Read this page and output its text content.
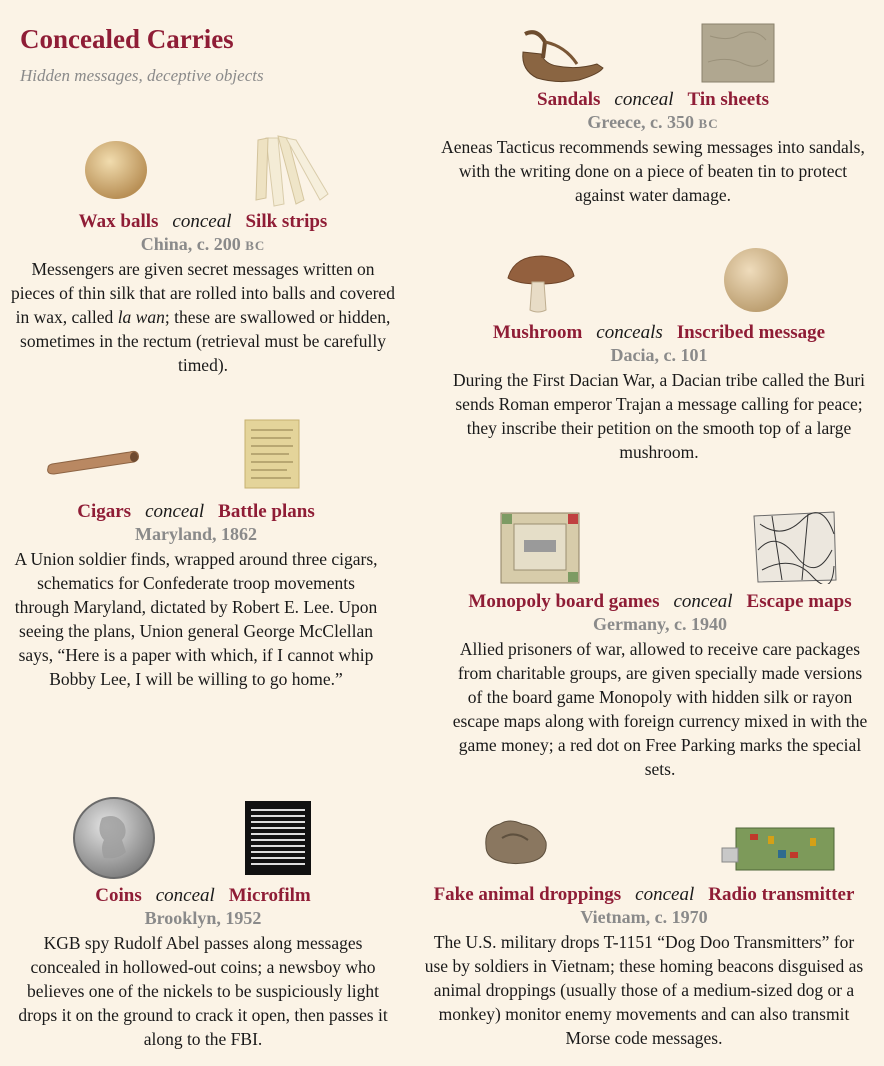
Concealed Carries
Hidden messages, deceptive objects
Wax balls conceal Silk strips
China, c. 200 BC
Messengers are given secret messages written on pieces of thin silk that are rolled into balls and covered in wax, called la wan; these are swallowed or hidden, sometimes in the rectum (retrieval must be carefully timed).
Cigars conceal Battle plans
Maryland, 1862
A Union soldier finds, wrapped around three cigars, schematics for Confederate troop movements through Maryland, dictated by Robert E. Lee. Upon seeing the plans, Union general George McClellan says, “Here is a paper with which, if I cannot whip Bobby Lee, I will be willing to go home.”
Coins conceal Microfilm
Brooklyn, 1952
KGB spy Rudolf Abel passes along messages concealed in hollowed-out coins; a newsboy who believes one of the nickels to be suspiciously light drops it on the ground to crack it open, then passes it along to the FBI.
Sandals conceal Tin sheets
Greece, c. 350 BC
Aeneas Tacticus recommends sewing messages into sandals, with the writing done on a piece of beaten tin to protect against water damage.
Mushroom conceals Inscribed message
Dacia, c. 101
During the First Dacian War, a Dacian tribe called the Buri sends Roman emperor Trajan a message calling for peace; they inscribe their petition on the smooth top of a large mushroom.
Monopoly board games conceal Escape maps
Germany, c. 1940
Allied prisoners of war, allowed to receive care packages from charitable groups, are given specially made versions of the board game Monopoly with hidden silk or rayon escape maps along with foreign currency mixed in with the game money; a red dot on Free Parking marks the special sets.
Fake animal droppings conceal Radio transmitter
Vietnam, c. 1970
The U.S. military drops T-1151 “Dog Doo Transmitters” for use by soldiers in Vietnam; these homing beacons disguised as animal droppings (usually those of a medium-sized dog or a monkey) monitor enemy movements and can also transmit Morse code messages.
